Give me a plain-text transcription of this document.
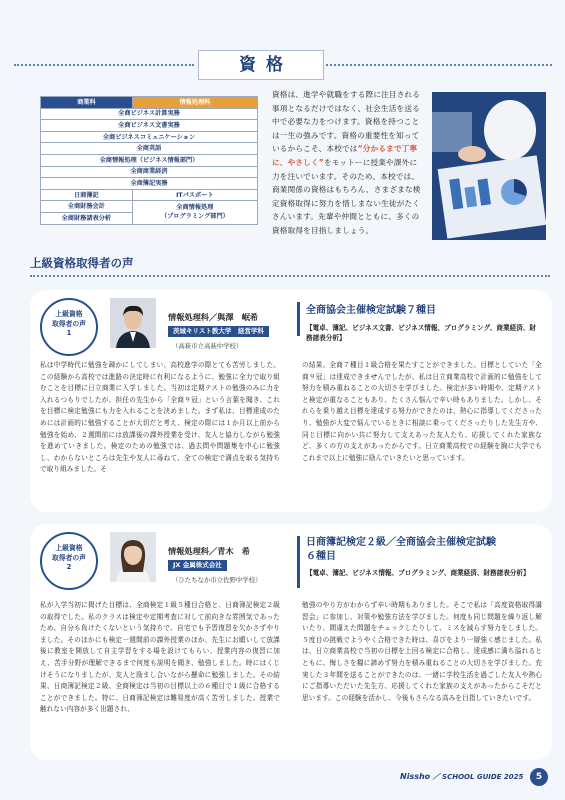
資格
商業科	情報処理科
全商ビジネス計算実務	
全商ビジネス文書実務	
全商ビジネスコミュニケーション	
全商英語	
全商情報処理（ビジネス情報部門）	
全商商業経済	
全商簿記実務	
日商簿記	ITパスポート
全商財務会計	全商情報処理
（プログラミング部門）
全商財務諸表分析	
資格は、進学や就職をする際に注目される事項となるだけではなく、社会生活を送る中で必要な力をつけます。資格を持つことは一生の強みです。資格の重要性を知っているからこそ、本校では“分かるまで丁寧に、やさしく”をモットーに授業や課外に力を注いでいます。そのため、本校では、商業関係の資格はもちろん、さまざまな検定資格取得に努力を惜しまない生徒がたくさんいます。先輩や仲間とともに、多くの資格取得を目指しましょう。
上級資格取得者の声
上級資格
取得者の声
1
情報処理科／與澤　岷希
茨城キリスト教大学　経営学科
（高萩市立高萩中学校）
全商協会主催検定試験７種目
【電卓、簿記、ビジネス文書、ビジネス情報、プログラミング、商業経済、財務諸表分析】
私は中学時代に勉強を疎かにしてしまい、高校進学の際とても苦労しました。この経験から高校では進路の決定時に有利になるように、勉強に全力で取り組むことを目標に日立商業に入学しました。当初は定期テストの勉強のみに力を入れるつもりでしたが、担任の先生から「全商９冠」という言葉を聞き、これを目標に検定勉強にも力を入れることを決めました。まず私は、目標達成のためには計画的に勉強することが大切だと考え、検定の際には１か月以上前から勉強を始め、２週間前には放課後の課外授業を受け、友人と協力しながら勉強を進めていきました。検定のための勉強では、過去問や問題集を中心に勉強し、わからないところは先生や友人に尋ねて、全ての検定で満点を取る気持ちで取り組みました。そ
の結果、全商７種目１級合格を果たすことができました。目標としていた「全商９冠」は達成できませんでしたが、私は日立商業高校で計画的に勉強をして努力を積み重ねることの大切さを学びました。検定が多い時期や、定期テストと検定が重なることもあり、たくさん悩んで辛い時もありました。しかし、それらを乗り越え目標を達成する努力ができたのは、熱心に指導してくださったり、勉強が大変で悩んでいるときに相談に乗ってくださったりした先生方や、同じ目標に向かい共に努力して支えあった友人たち、応援してくれた家族など、多くの方の支えがあったからです。日立商業高校での経験を胸に大学でもこれまで以上に勉強に励んでいきたいと思っています。
上級資格
取得者の声
2
情報処理科／青木　希
JX 金属株式会社
（ひたちなか市立佐野中学校）
日商簿記検定２級／全商協会主催検定試験６種目
【電卓、簿記、ビジネス情報、プログラミング、商業経済、財務諸表分析】
私が入学当初に掲げた目標は、全商検定１級５種目合格と、日商簿記検定２級の取得でした。私のクラスは検定や定期考査に対して前向きな雰囲気であったため、自分も負けたくないという気持ちで、自宅でも予習復習を欠かさずやりました。そのほかにも検定一週間前の課外授業のほか、先生にお願いして放課後に教室を開放して自主学習をする場を設けてもらい、授業内容の復習に加え、苦手分野が理解できるまで何度も説明を聞き、勉強しました。時にはくじけそうになりましたが、友人と励まし合いながら懸命に勉強しました。その結果、日商簿記検定２級、全商検定は当初の目標以上の６種目で１級に合格することができました。特に、日商簿記検定は難易度が高く苦労しました。授業で触れない内容が多く出題され、
勉強のやり方がわからず辛い時期もありました。そこで私は「高度資格取得講習会」に参加し、対策や勉強方法を学びました。何度も同じ問題を繰り返し解いたり、間違えた問題をチェックしたりして、ミスを減らす努力をしました。５度目の挑戦でようやく合格できた時は、喜びをより一層強く感じました。私は、日立商業高校で当初の目標を上回る検定に合格し、達成感に満ち溢れるとともに、悔しさを糧に諦めず努力を積み重ねることの大切さを学びました。充実した３年間を送ることができたのは、一緒に学校生活を過ごした友人や熱心にご指導いただいた先生方、応援してくれた家族の支えがあったからこそだと思います。この経験を活かし、今後もさらなる高みを目指していきたいです。
Nissho ／ SCHOOL GUIDE 2025	5
